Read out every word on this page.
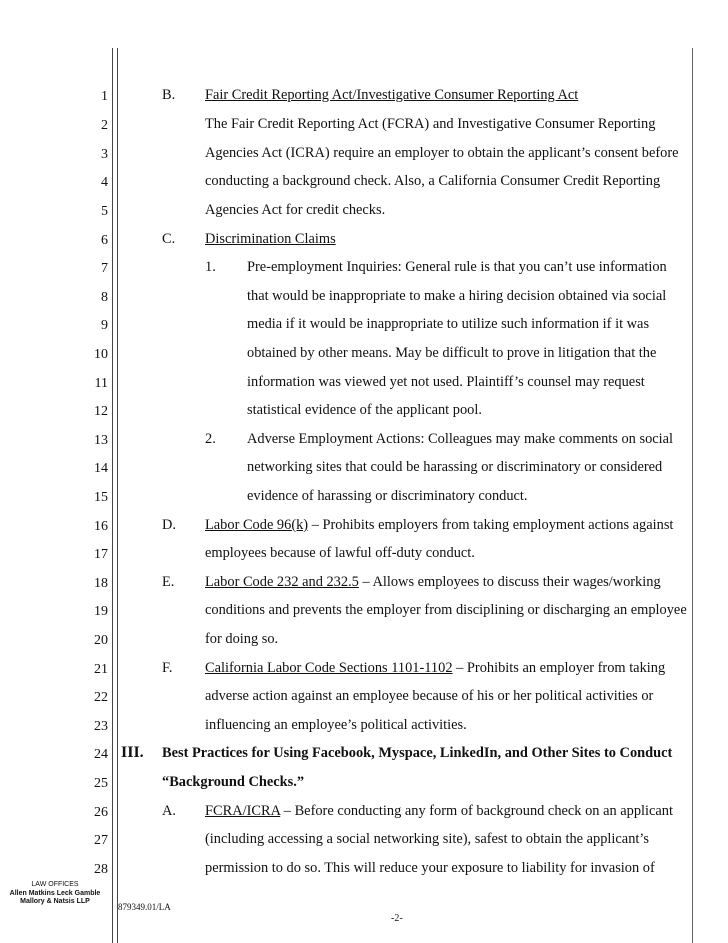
1
2
3
4
5
6
7
8
9
10
11
12
13
14
15
16
17
18
19
20
21
22
23
24
25
26
27
28
B. Fair Credit Reporting Act/Investigative Consumer Reporting Act
The Fair Credit Reporting Act (FCRA) and Investigative Consumer Reporting
Agencies Act (ICRA) require an employer to obtain the applicant’s consent before
conducting a background check. Also, a California Consumer Credit Reporting
Agencies Act for credit checks.
C. Discrimination Claims
1. Pre-employment Inquiries: General rule is that you can’t use information
that would be inappropriate to make a hiring decision obtained via social
media if it would be inappropriate to utilize such information if it was
obtained by other means. May be difficult to prove in litigation that the
information was viewed yet not used. Plaintiff’s counsel may request
statistical evidence of the applicant pool.
2. Adverse Employment Actions: Colleagues may make comments on social
networking sites that could be harassing or discriminatory or considered
evidence of harassing or discriminatory conduct.
D. Labor Code 96(k) – Prohibits employers from taking employment actions against
employees because of lawful off-duty conduct.
E. Labor Code 232 and 232.5 – Allows employees to discuss their wages/working
conditions and prevents the employer from disciplining or discharging an employee
for doing so.
F. California Labor Code Sections 1101-1102 – Prohibits an employer from taking
adverse action against an employee because of his or her political activities or
influencing an employee’s political activities.
III. Best Practices for Using Facebook, Myspace, LinkedIn, and Other Sites to Conduct
“Background Checks.”
A. FCRA/ICRA – Before conducting any form of background check on an applicant
(including accessing a social networking site), safest to obtain the applicant’s
permission to do so. This will reduce your exposure to liability for invasion of
LAW OFFICES
Allen Matkins Leck Gamble
Mallory & Natsis LLP
879349.01/LA
-2-
